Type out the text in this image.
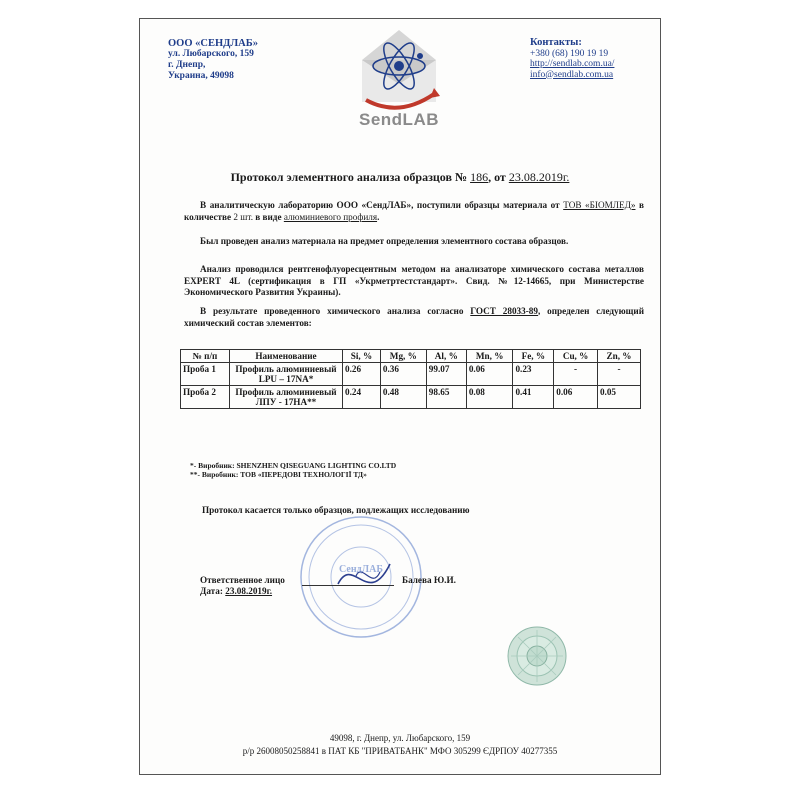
ООО «СЕНДЛАБ»
ул. Любарского, 159
г. Днепр,
Украина, 49098
SendLAB
Контакты:
+380 (68) 190 19 19
http://sendlab.com.ua/
info@sendlab.com.ua
Протокол элементного анализа образцов № 186, от 23.08.2019г.
В аналитическую лабораторию ООО «СендЛАБ», поступили образцы материала от ТОВ «БІОМЛЕД» в количестве 2 шт. в виде алюминиевого профиля.
Был проведен анализ материала на предмет определения элементного состава образцов.
Анализ проводился рентгенофлуоресцентным методом на анализаторе химического состава металлов EXPERT 4L (сертификация в ГП «Укрметртестстандарт». Свид. №12-14665, при Министерстве Экономического Развития Украины).
В результате проведенного химического анализа согласно ГОСТ 28033-89, определен следующий химический состав элементов:
№ п/п	Наименование	Si, %	Mg, %	Al, %	Mn, %	Fe, %	Cu, %	Zn, %
Проба 1	Профиль алюминиевый LPU – 17NA*	0.26	0.36	99.07	0.06	0.23	-	-
Проба 2	Профиль алюминиевый ЛПУ - 17НА**	0.24	0.48	98.65	0.08	0.41	0.06	0.05
*- Виробник: SHENZHEN QISEGUANG LIGHTING CO.LTD
**- Виробник: ТОВ «ПЕРЕДОВІ ТЕХНОЛОГІЇ ТД»
СендЛАБ
Протокол касается только образцов, подлежащих исследованию
Ответственное лицо
Дата: 23.08.2019г.
Балева Ю.И.
49098, г. Днепр, ул. Любарского, 159
р/р 26008050258841 в ПАТ КБ "ПРИВАТБАНК" МФО 305299 ЄДРПОУ 40277355
